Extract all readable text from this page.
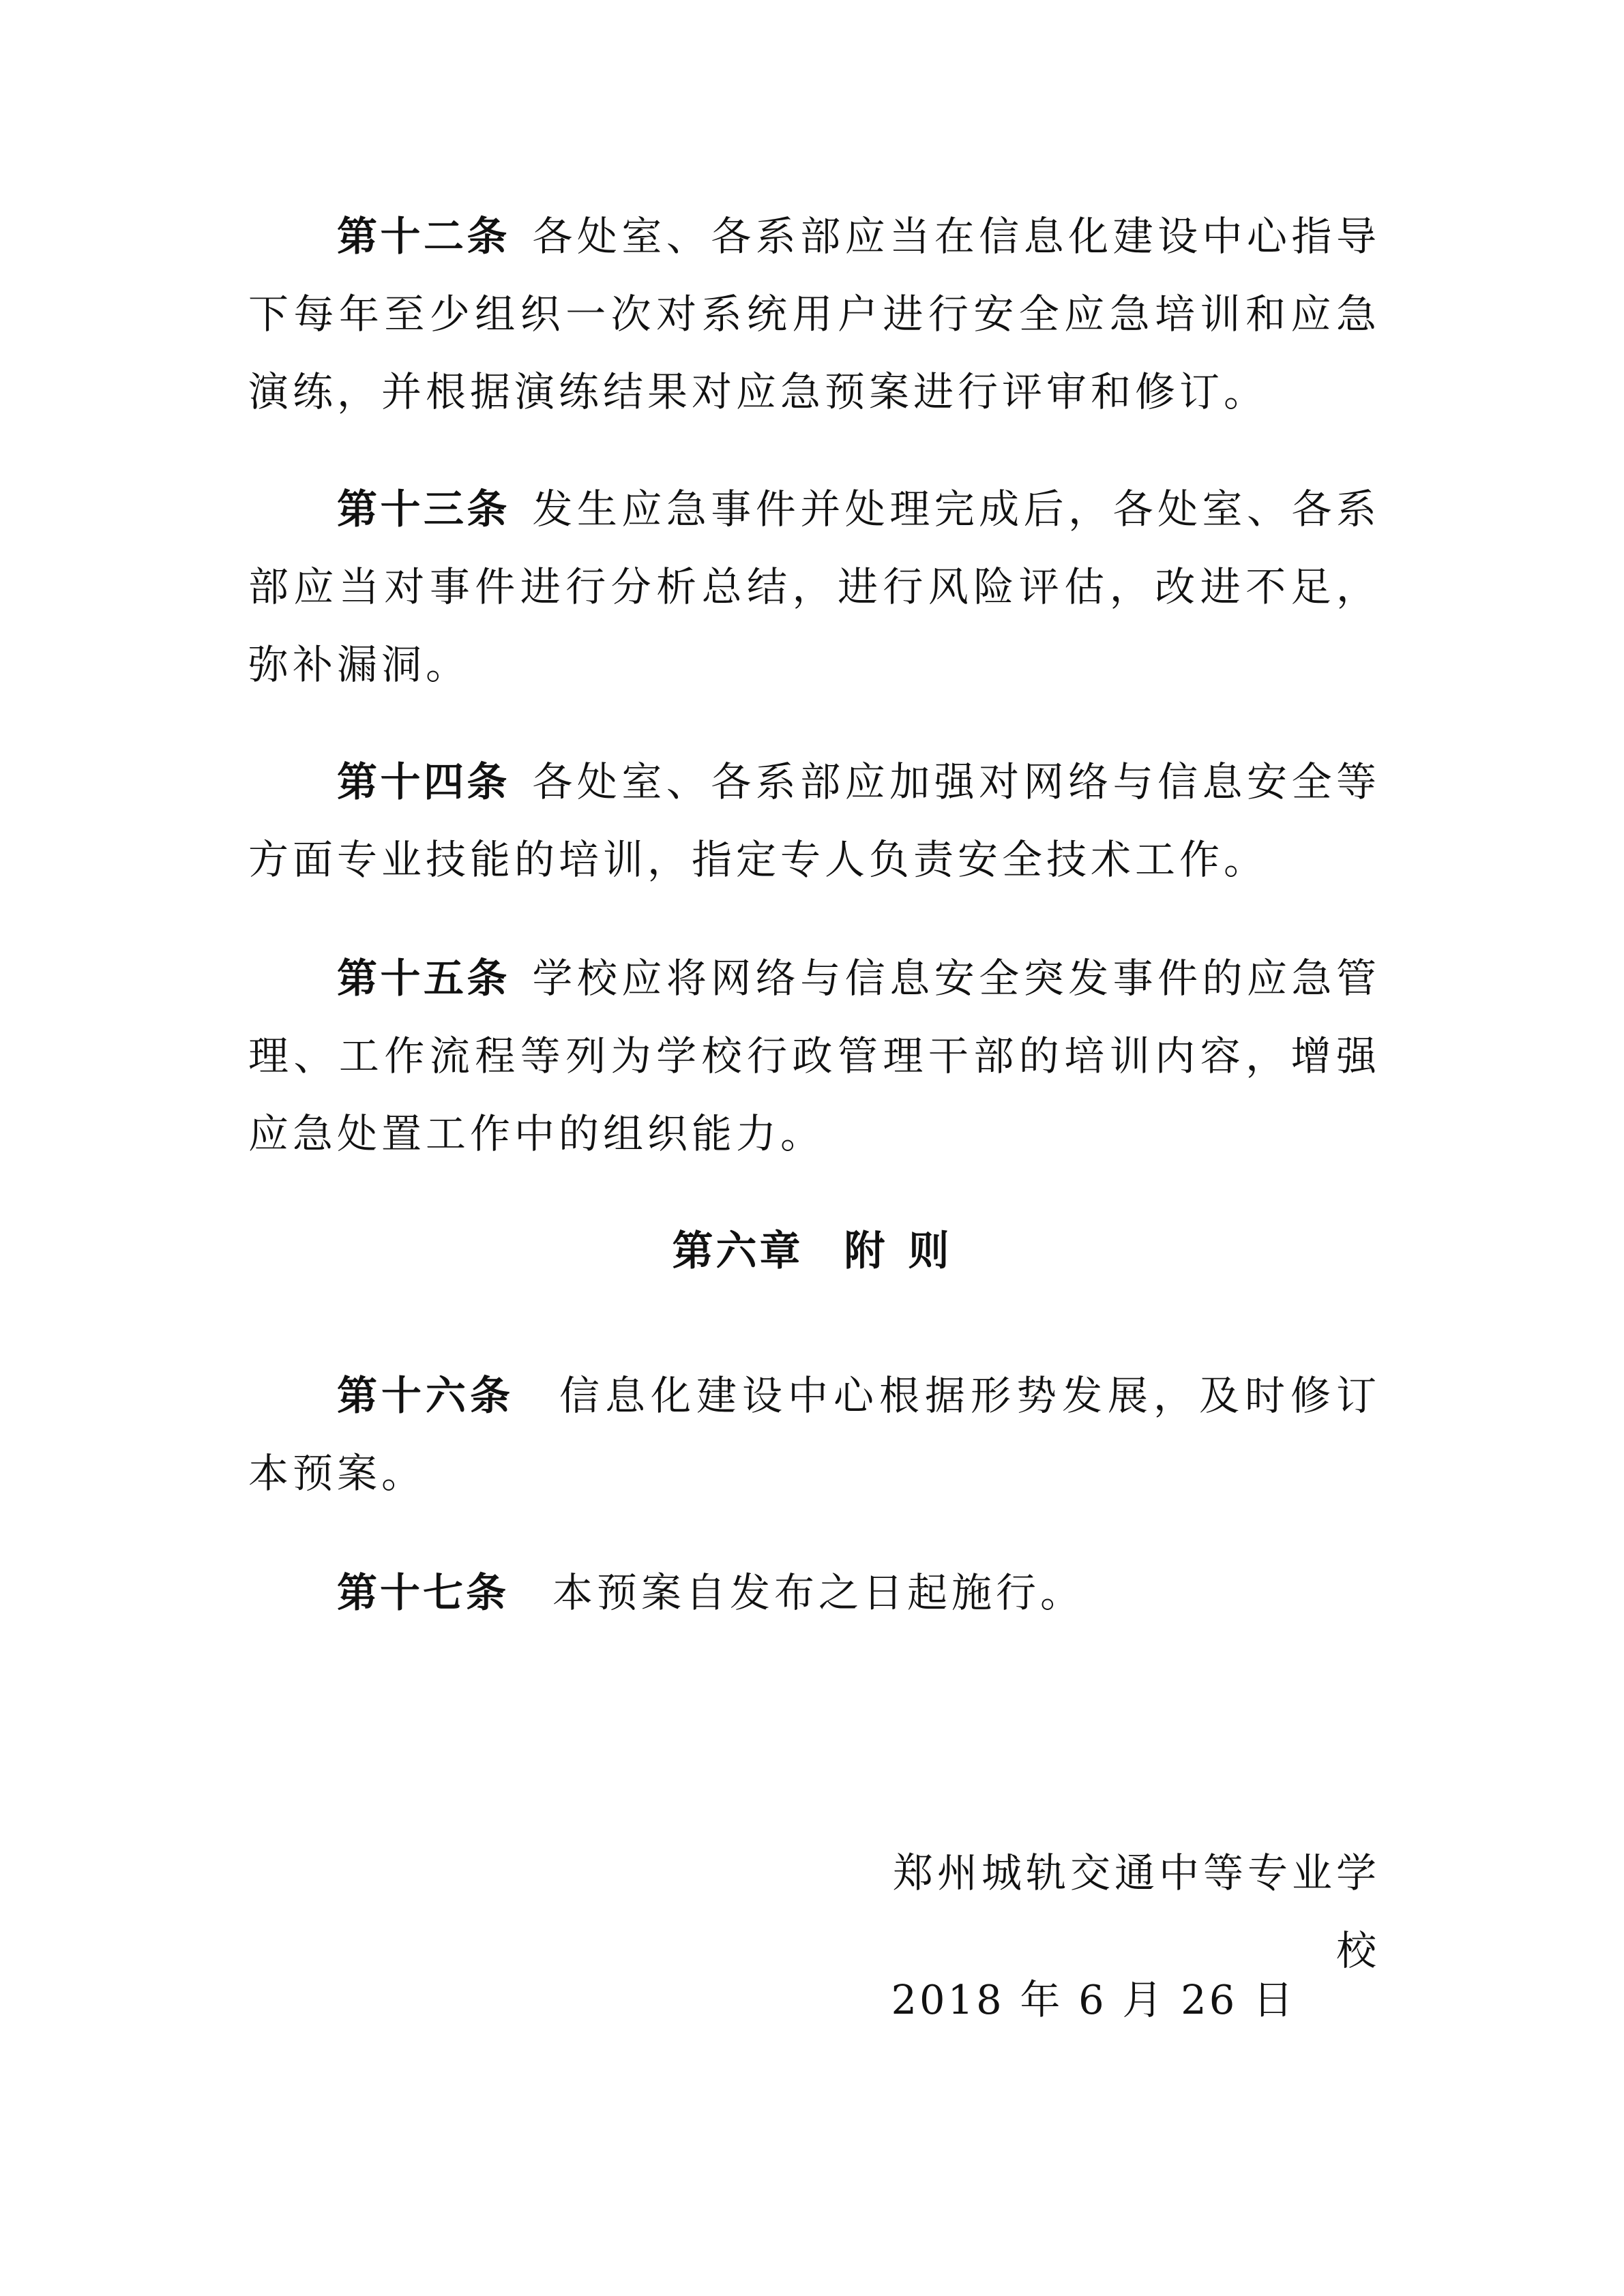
第十二条 各处室、各系部应当在信息化建设中心指导下每年至少组织一次对系统用户进行安全应急培训和应急演练，并根据演练结果对应急预案进行评审和修订。

第十三条 发生应急事件并处理完成后，各处室、各系部应当对事件进行分析总结，进行风险评估，改进不足，弥补漏洞。

第十四条 各处室、各系部应加强对网络与信息安全等方面专业技能的培训，指定专人负责安全技术工作。

第十五条 学校应将网络与信息安全突发事件的应急管理、工作流程等列为学校行政管理干部的培训内容，增强应急处置工作中的组织能力。

第六章 附 则

第十六条 信息化建设中心根据形势发展，及时修订本预案。

第十七条 本预案自发布之日起施行。

郑州城轨交通中等专业学校

2018 年 6 月 26 日
